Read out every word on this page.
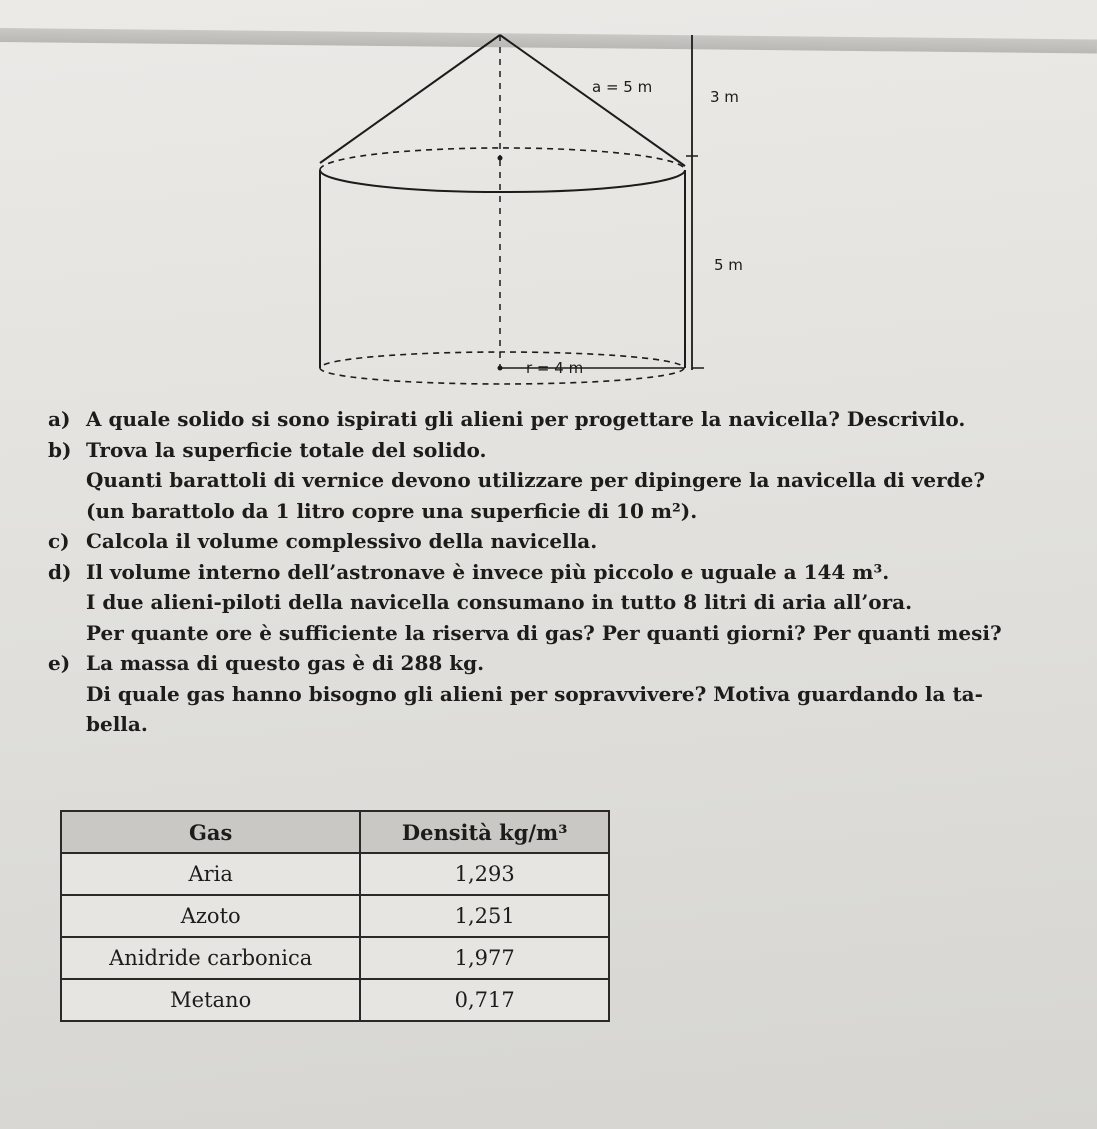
a = 5 m
3 m
5 m
r = 4 m
a) A quale solido si sono ispirati gli alieni per progettare la navicella? Descrivilo.
b) Trova la superficie totale del solido.
Quanti barattoli di vernice devono utilizzare per dipingere la navicella di verde?
(un barattolo da 1 litro copre una superficie di 10 m²).
c) Calcola il volume complessivo della navicella.
d) Il volume interno dell’astronave è invece più piccolo e uguale a 144 m³.
I due alieni-piloti della navicella consumano in tutto 8 litri di aria all’ora.
Per quante ore è sufficiente la riserva di gas? Per quanti giorni? Per quanti mesi?
e) La massa di questo gas è di 288 kg.
Di quale gas hanno bisogno gli alieni per sopravvivere? Motiva guardando la ta-
bella.
Gas	Densità kg/m³
Aria	1,293
Azoto	1,251
Anidride carbonica	1,977
Metano	0,717
